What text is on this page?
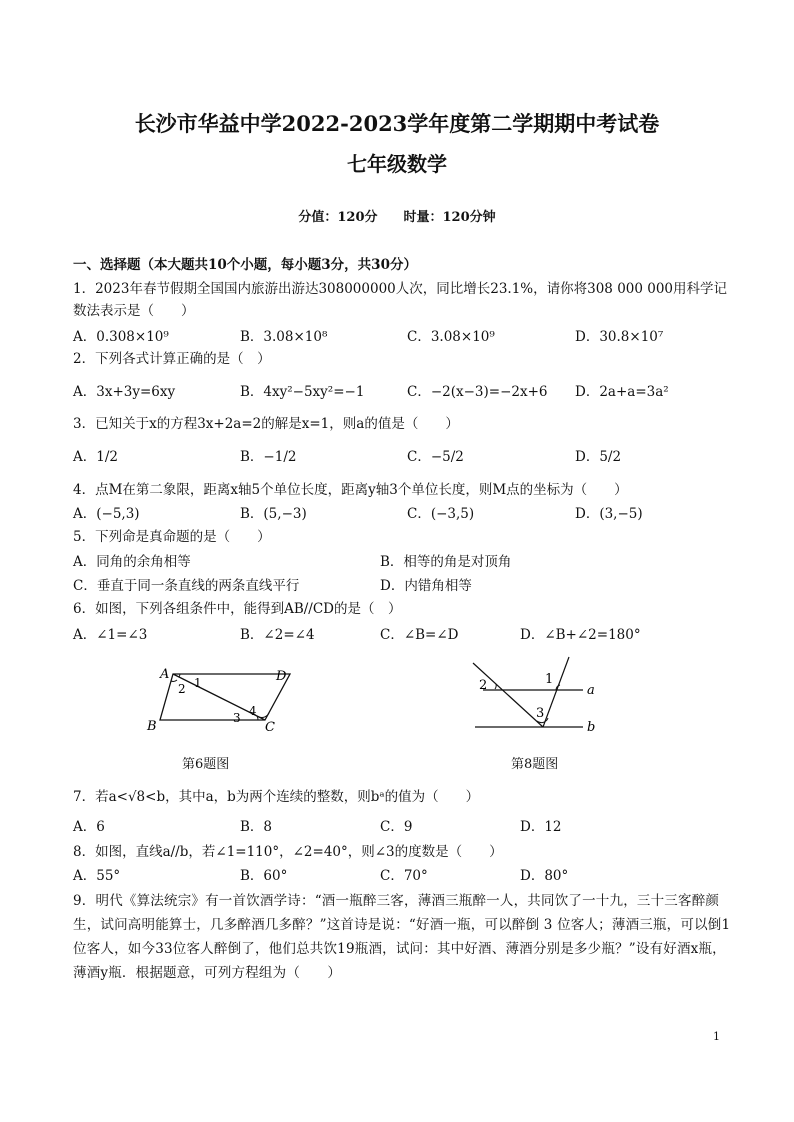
长沙市华益中学2022-2023学年度第二学期期中考试卷
七年级数学
分值：120分　　时量：120分钟
一、选择题（本大题共10个小题，每小题3分，共30分）
1．2023年春节假期全国国内旅游出游达308000000人次，同比增长23.1%，请你将308 000 000用科学记
数法表示是（　　）
A．0.308×10⁹	B．3.08×10⁸	C．3.08×10⁹	D．30.8×10⁷
2．下列各式计算正确的是（　）
A．3x+3y=6xy	B．4xy²−5xy²=−1	C．−2(x−3)=−2x+6 D．2a+a=3a²
3．已知关于x的方程3x+2a=2的解是x=1，则a的值是（　　）
A．1/2	B．−1/2	C．−5/2	D．5/2
4．点M在第二象限，距离x轴5个单位长度，距离y轴3个单位长度，则M点的坐标为（　　）
A．(−5,3)	B．(5,−3)	C．(−3,5)	D．(3,−5)
5．下列命是真命题的是（　　）
A．同角的余角相等	B．相等的角是对顶角
C．垂直于同一条直线的两条直线平行	D．内错角相等
6．如图，下列各组条件中，能得到AB//CD的是（　）
A．∠1=∠3	B．∠2=∠4	C．∠B=∠D	D．∠B+∠2=180°
A	D
B	C
1
2
3 4
第6题图
2	1
a
3
b
第8题图
7．若a<√8<b，其中a，b为两个连续的整数，则bᵃ的值为（　　）
A．6	B．8	C．9	D．12
8．如图，直线a//b，若∠1=110°，∠2=40°，则∠3的度数是（　　）
A．55°	B．60°	C．70°	D．80°
9．明代《算法统宗》有一首饮酒学诗：“酒一瓶醉三客，薄酒三瓶醉一人，共同饮了一十九，三十三客醉颜生，试问高明能算士，几多醉酒几多醉？”这首诗是说：“好酒一瓶，可以醉倒 3 位客人；薄酒三瓶，可以倒1位客人，如今33位客人醉倒了，他们总共饮19瓶酒，试问：其中好酒、薄酒分别是多少瓶？”设有好酒x瓶，薄酒y瓶．根据题意，可列方程组为（　　）
1
